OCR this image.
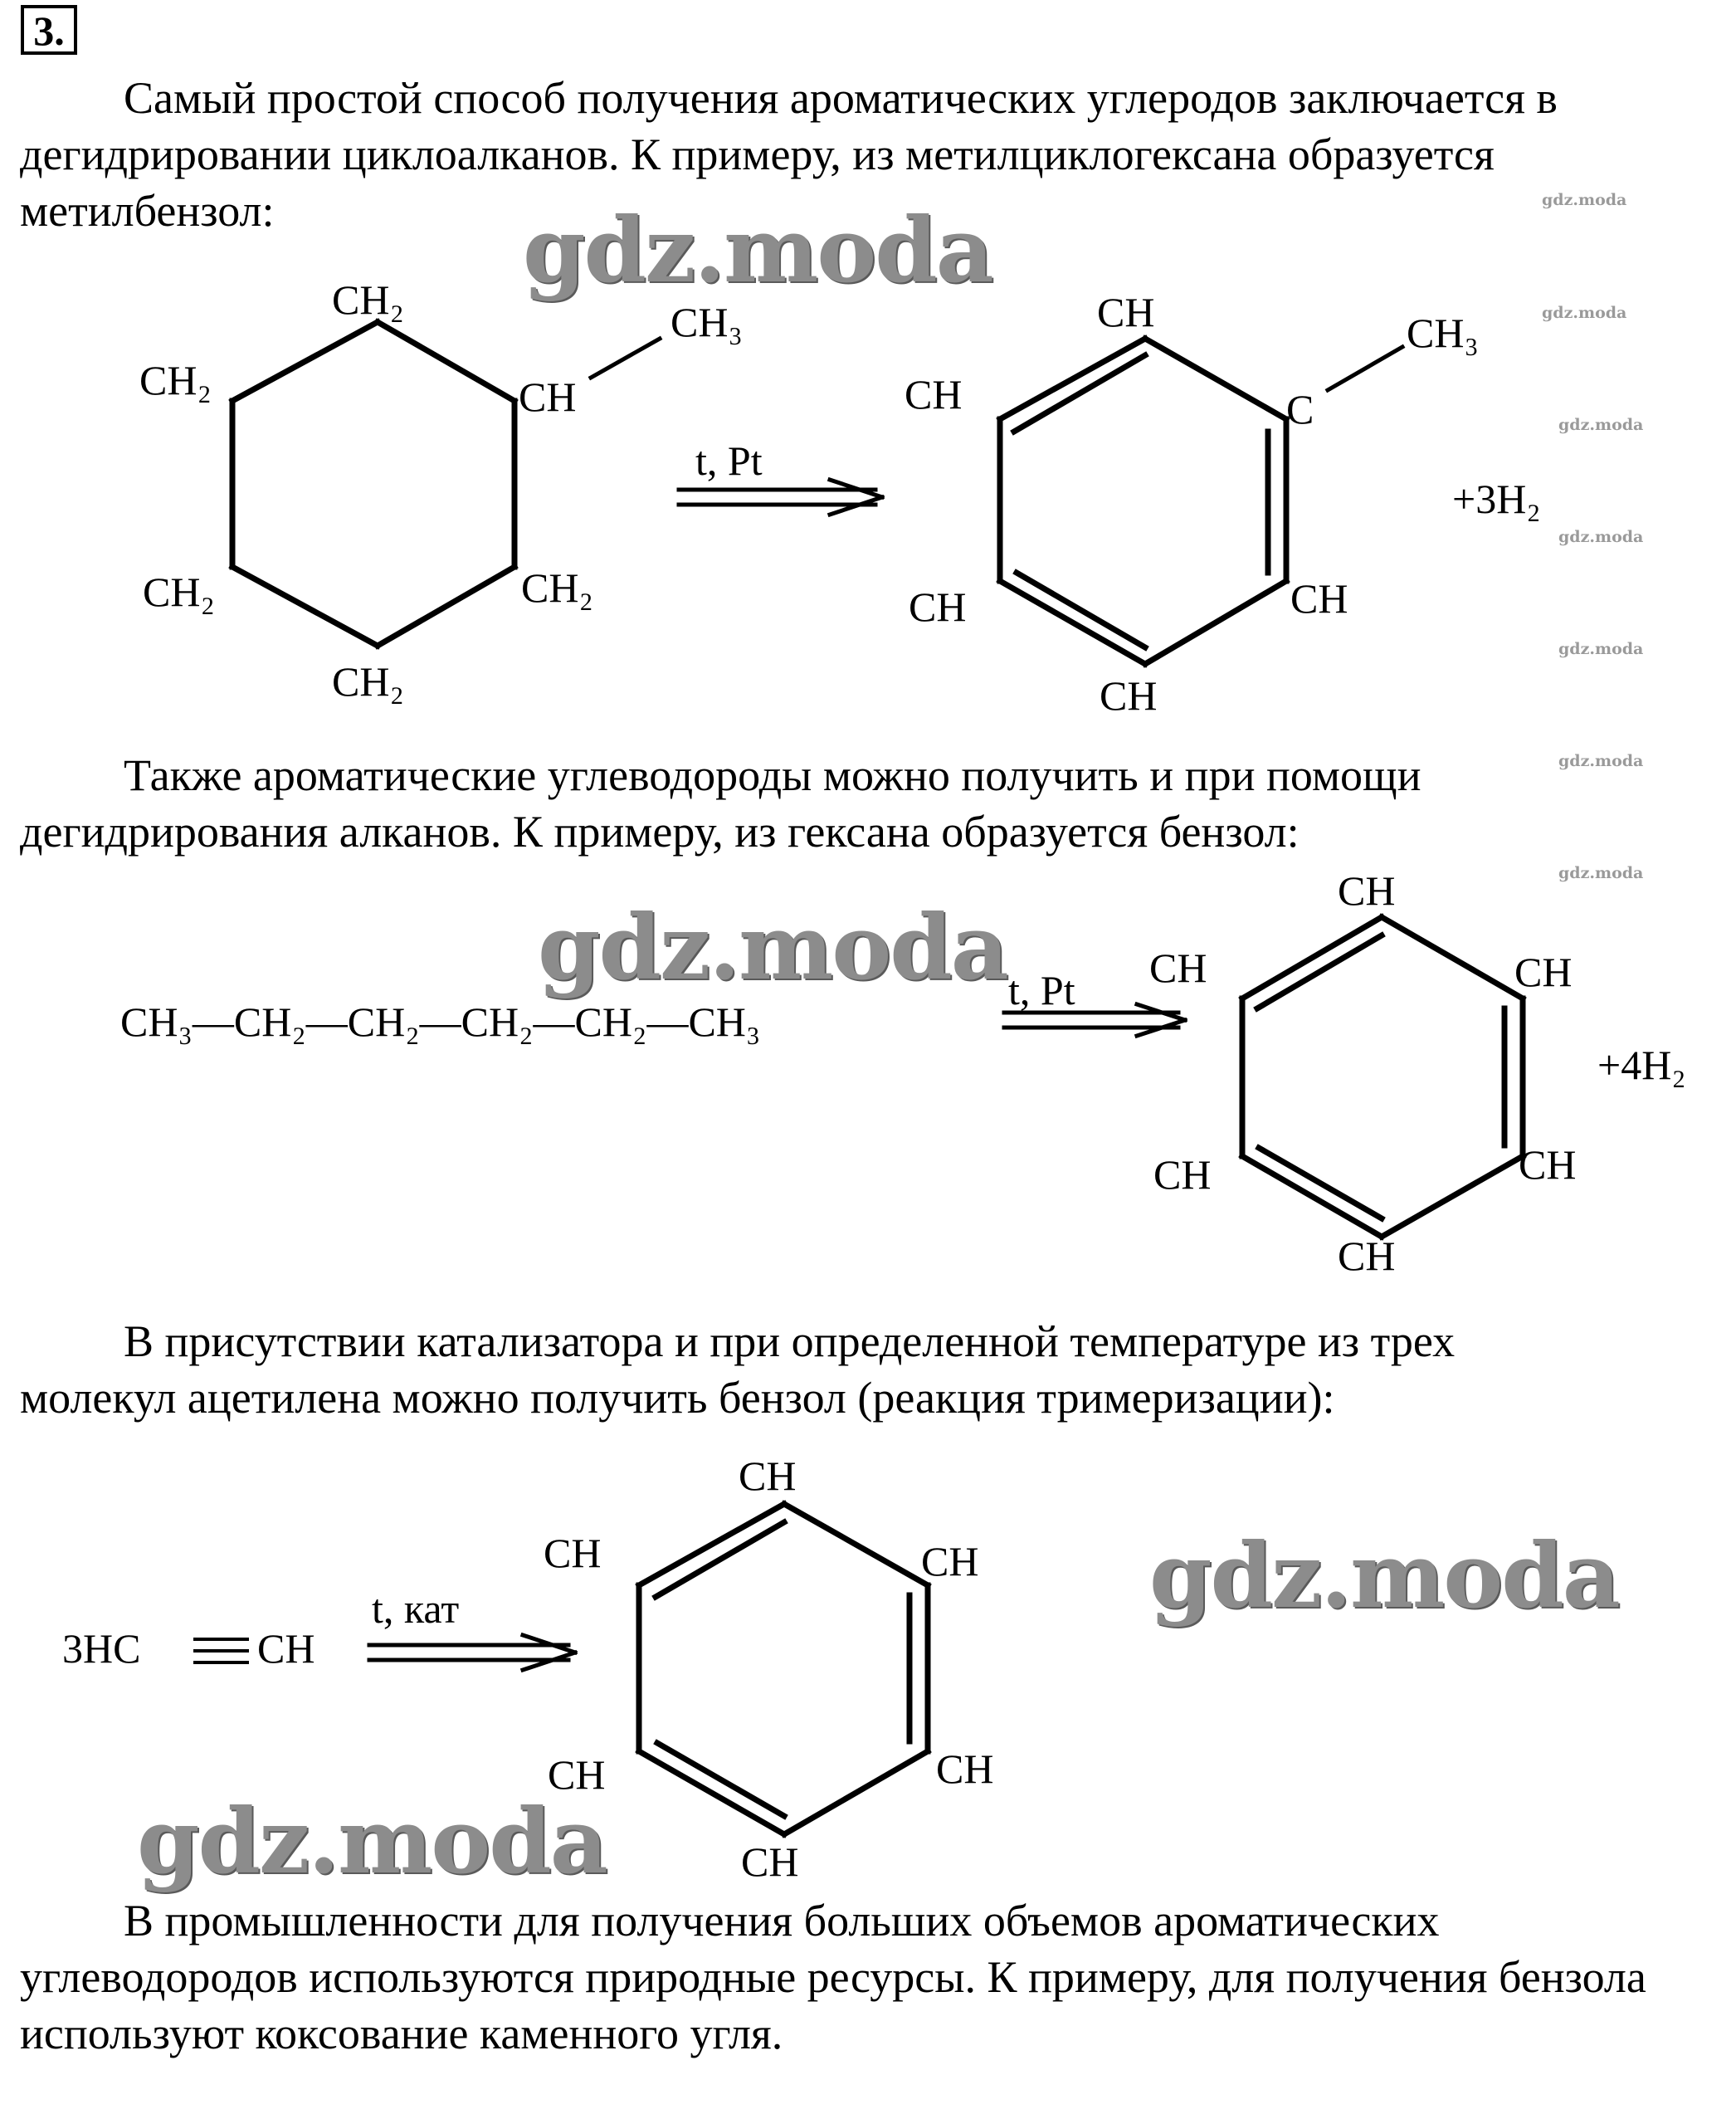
3.

Самый простой способ получения ароматических углеродов заключается в дегидрировании циклоалканов. К примеру, из метилциклогексана образуется метилбензол:

Также ароматические углеводороды можно получить и при помощи дегидрирования алканов. К примеру, из гексана образуется бензол:

В присутствии катализатора и при определенной температуре из трех молекул ацетилена можно получить бензол (реакция тримеризации):

В промышленности для получения больших объемов ароматических углеводородов используются природные ресурсы. К примеру, для получения бензола используют коксование каменного угля.

CH₂
CH
CH₃
CH₂
CH₂	CH₂
CH₂
t, Pt
CH
C
CH₃
CH
CH	CH
CH
+3H₂
CH₃—CH₂—CH₂—CH₂—CH₂—CH₃
t, Pt
CH
CH	CH
CH	CH
CH
+4H₂
3HC	CH
t, кат
CH
CH	CH
CH	CH
CH
gdz.moda
gdz.moda
gdz.moda
gdz.moda
gdz.moda
gdz.moda
gdz.moda
gdz.moda
gdz.moda
gdz.moda
gdz.moda
